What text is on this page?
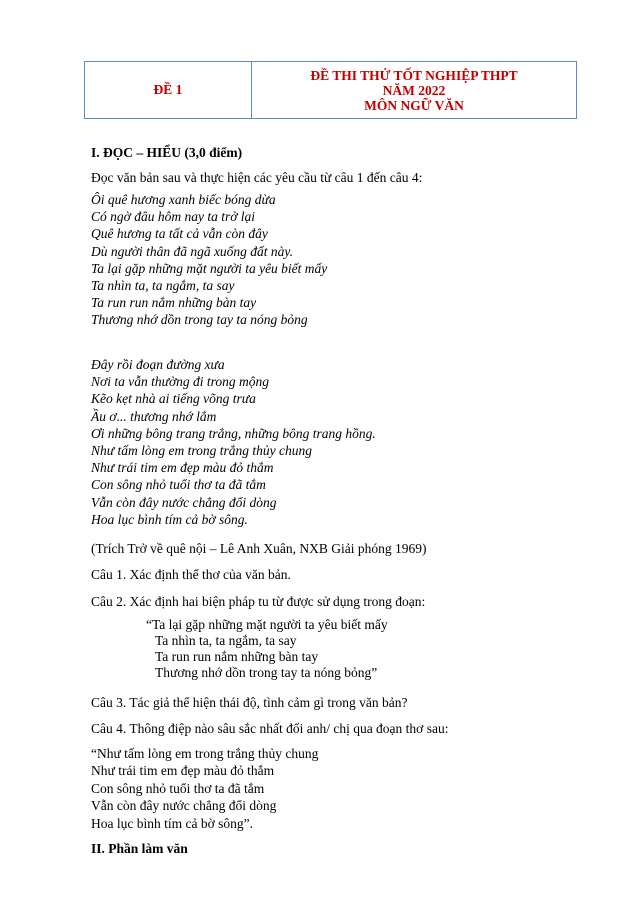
ĐỀ 1
ĐỀ THI THỬ TỐT NGHIỆP THPT
NĂM 2022
MÔN NGỮ VĂN
I. ĐỌC – HIỂU (3,0 điểm)
Đọc văn bản sau và thực hiện các yêu cầu từ câu 1 đến câu 4:
Ôi quê hương xanh biếc bóng dừa
Có ngờ đâu hôm nay ta trở lại
Quê hương ta tất cả vẫn còn đây
Dù người thân đã ngã xuống đất này.
Ta lại gặp những mặt người ta yêu biết mấy
Ta nhìn ta, ta ngắm, ta say
Ta run run nắm những bàn tay
Thương nhớ dồn trong tay ta nóng bỏng
Đây rồi đoạn đường xưa
Nơi ta vẫn thường đi trong mộng
Kẽo kẹt nhà ai tiếng võng trưa
Ầu ơ... thương nhớ lắm
Ơi những bông trang trắng, những bông trang hồng.
Như tấm lòng em trong trắng thủy chung
Như trái tim em đẹp màu đỏ thắm
Con sông nhỏ tuổi thơ ta đã tắm
Vẫn còn đây nước chẳng đổi dòng
Hoa lục bình tím cả bờ sông.
(Trích Trở về quê nội – Lê Anh Xuân, NXB Giải phóng 1969)
Câu 1. Xác định thể thơ của văn bản.
Câu 2. Xác định hai biện pháp tu từ được sử dụng trong đoạn:
“Ta lại gặp những mặt người ta yêu biết mấy
Ta nhìn ta, ta ngắm, ta say
Ta run run nắm những bàn tay
Thương nhớ dồn trong tay ta nóng bỏng”
Câu 3. Tác giả thể hiện thái độ, tình cảm gì trong văn bản?
Câu 4. Thông điệp nào sâu sắc nhất đối anh/ chị qua đoạn thơ sau:
“Như tấm lòng em trong trắng thủy chung
Như trái tim em đẹp màu đỏ thắm
Con sông nhỏ tuổi thơ ta đã tắm
Vẫn còn đây nước chẳng đổi dòng
Hoa lục bình tím cả bờ sông”.
II. Phần làm văn
